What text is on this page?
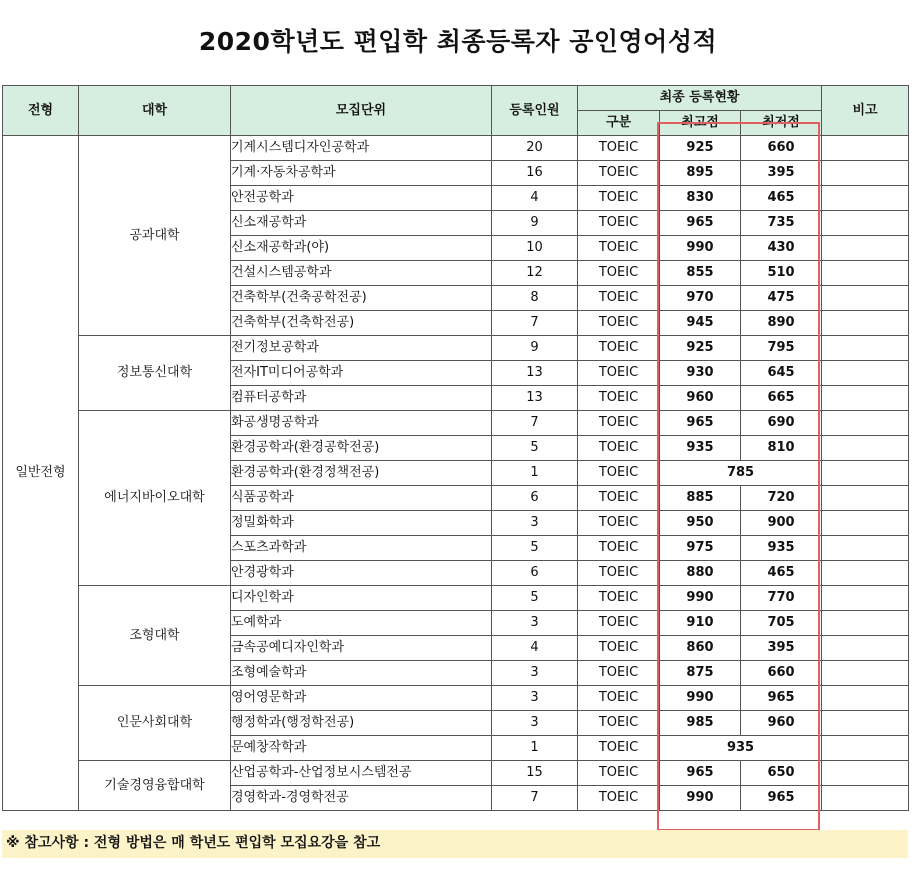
2020학년도 편입학 최종등록자 공인영어성적
전형	대학	모집단위	등록인원	최종 등록현황			비고
				구분	최고점	최저점	
일반전형	공과대학	기계시스템디자인공학과	20	TOEIC	925	660	
		기계·자동차공학과	16	TOEIC	895	395	
		안전공학과	4	TOEIC	830	465	
		신소재공학과	9	TOEIC	965	735	
		신소재공학과(야)	10	TOEIC	990	430	
		건설시스템공학과	12	TOEIC	855	510	
		건축학부(건축공학전공)	8	TOEIC	970	475	
		건축학부(건축학전공)	7	TOEIC	945	890	
	정보통신대학	전기정보공학과	9	TOEIC	925	795	
		전자IT미디어공학과	13	TOEIC	930	645	
		컴퓨터공학과	13	TOEIC	960	665	
	에너지바이오대학	화공생명공학과	7	TOEIC	965	690	
		환경공학과(환경공학전공)	5	TOEIC	935	810	
		환경공학과(환경정책전공)	1	TOEIC	785		
		식품공학과	6	TOEIC	885	720	
		정밀화학과	3	TOEIC	950	900	
		스포츠과학과	5	TOEIC	975	935	
		안경광학과	6	TOEIC	880	465	
	조형대학	디자인학과	5	TOEIC	990	770	
		도예학과	3	TOEIC	910	705	
		금속공예디자인학과	4	TOEIC	860	395	
		조형예술학과	3	TOEIC	875	660	
	인문사회대학	영어영문학과	3	TOEIC	990	965	
		행정학과(행정학전공)	3	TOEIC	985	960	
		문예창작학과	1	TOEIC	935		
	기술경영융합대학	산업공학과-산업정보시스템전공	15	TOEIC	965	650	
		경영학과-경영학전공	7	TOEIC	990	965	
※ 참고사항 : 전형 방법은 매 학년도 편입학 모집요강을 참고
